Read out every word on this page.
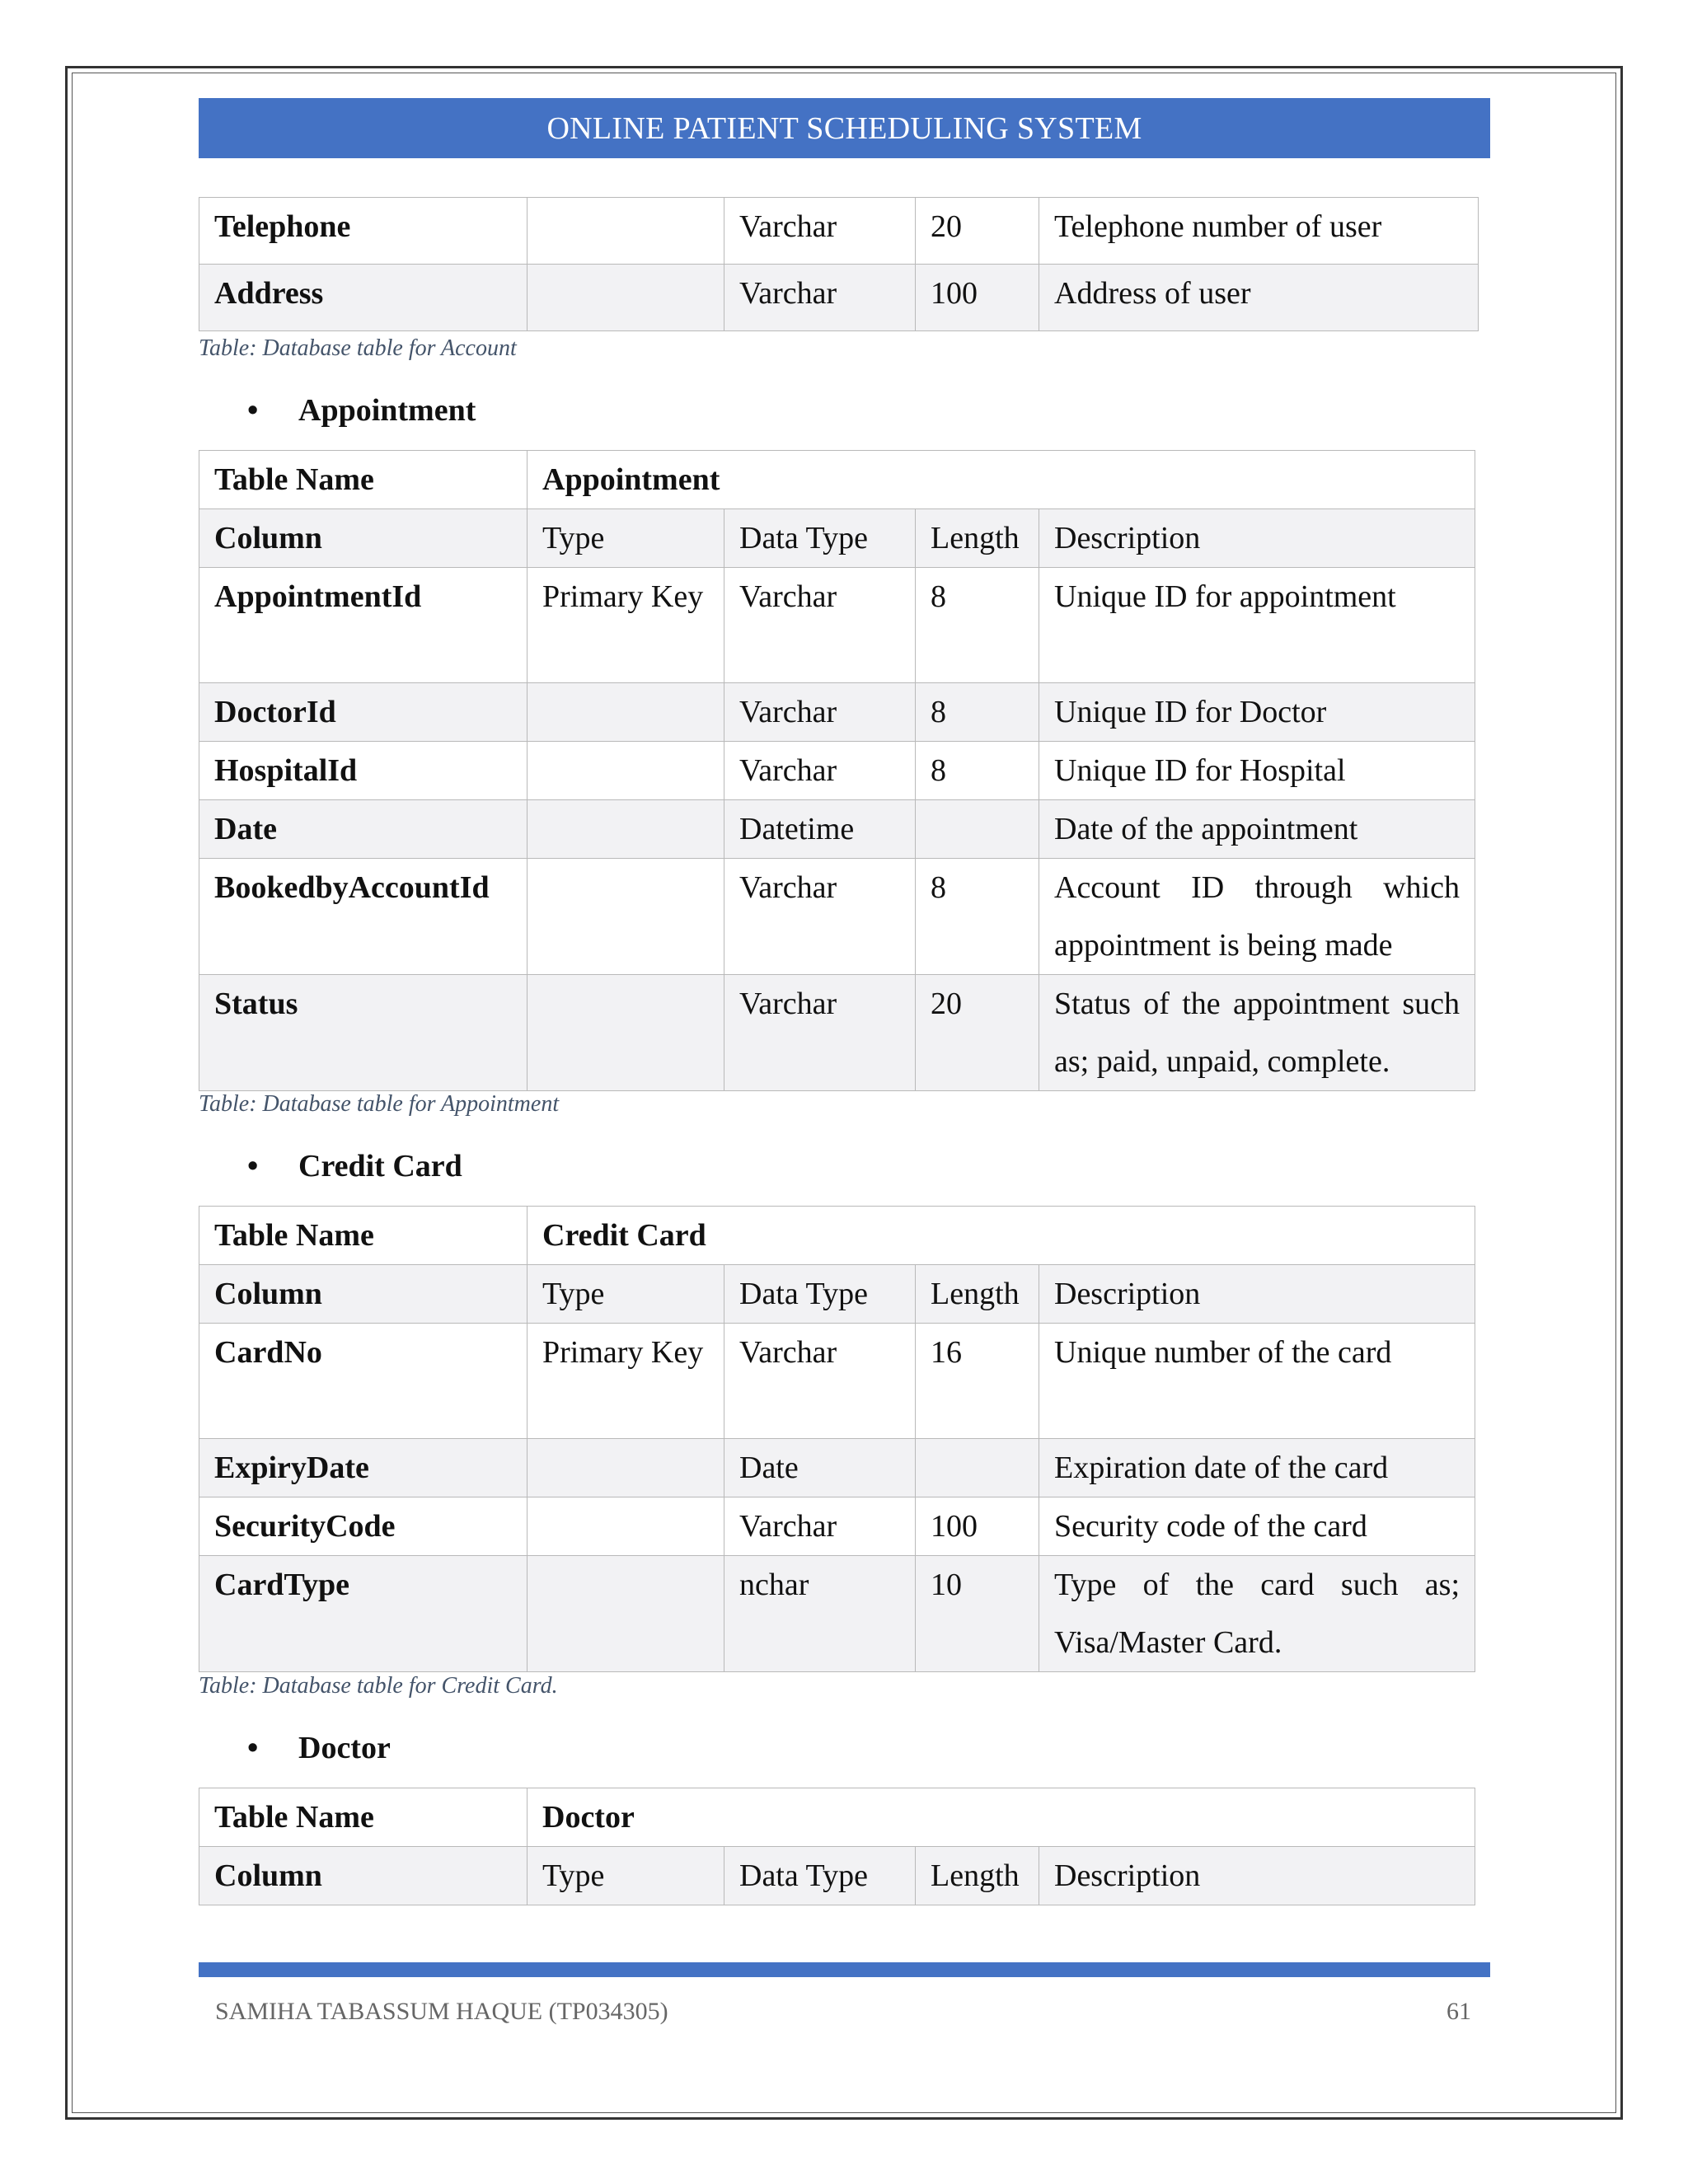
ONLINE PATIENT SCHEDULING SYSTEM
Telephone		Varchar	20	Telephone number of user
Address		Varchar	100	Address of user
Table: Database table for Account
• Appointment
Table Name	Appointment			
Column	Type	Data Type	Length	Description
AppointmentId	Primary Key	Varchar	8	Unique ID for appointment
DoctorId		Varchar	8	Unique ID for Doctor
HospitalId		Varchar	8	Unique ID for Hospital
Date		Datetime		Date of the appointment
BookedbyAccountId		Varchar	8	Account ID through which appointment is being made
Status		Varchar	20	Status of the appointment such as; paid, unpaid, complete.
Table: Database table for Appointment
• Credit Card
Table Name	Credit Card			
Column	Type	Data Type	Length	Description
CardNo	Primary Key	Varchar	16	Unique number of the card
ExpiryDate		Date		Expiration date of the card
SecurityCode		Varchar	100	Security code of the card
CardType		nchar	10	Type of the card such as; Visa/Master Card.
Table: Database table for Credit Card.
• Doctor
Table Name	Doctor			
Column	Type	Data Type	Length	Description
SAMIHA TABASSUM HAQUE (TP034305)	61
